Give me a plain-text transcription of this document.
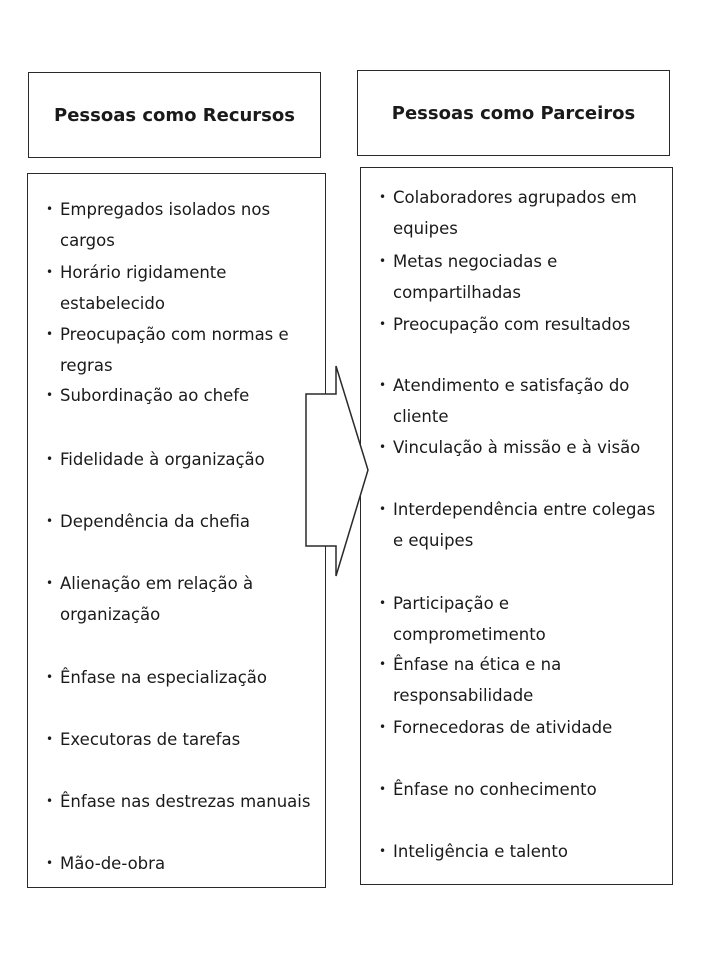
Pessoas como Recursos	Pessoas como Parceiros
• Empregados isolados nos cargos
• Horário rigidamente estabelecido
• Preocupação com normas e regras
• Subordinação ao chefe
• Fidelidade à organização
• Dependência da chefia
• Alienação em relação à organização
• Ênfase na especialização
• Executoras de tarefas
• Ênfase nas destrezas manuais
• Mão-de-obra
• Colaboradores agrupados em equipes
• Metas negociadas e compartilhadas
• Preocupação com resultados
• Atendimento e satisfação do cliente
• Vinculação à missão e à visão
• Interdependência entre colegas e equipes
• Participação e comprometimento
• Ênfase na ética e na responsabilidade
• Fornecedoras de atividade
• Ênfase no conhecimento
• Inteligência e talento
